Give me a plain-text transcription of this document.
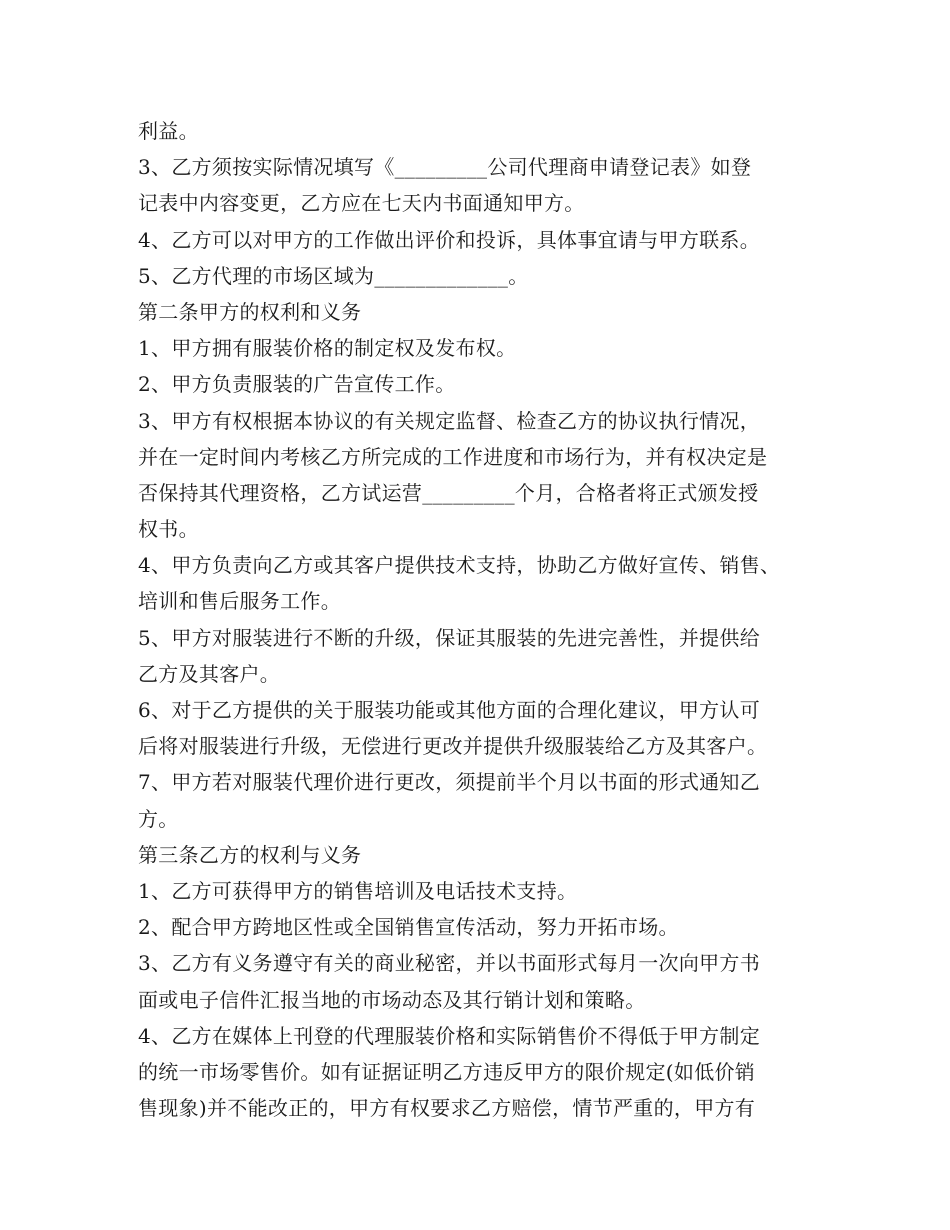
利益。
3、乙方须按实际情况填写《_________公司代理商申请登记表》如登
记表中内容变更，乙方应在七天内书面通知甲方。
4、乙方可以对甲方的工作做出评价和投诉，具体事宜请与甲方联系。
5、乙方代理的市场区域为_____________。
第二条甲方的权利和义务
1、甲方拥有服装价格的制定权及发布权。
2、甲方负责服装的广告宣传工作。
3、甲方有权根据本协议的有关规定监督、检查乙方的协议执行情况，
并在一定时间内考核乙方所完成的工作进度和市场行为，并有权决定是
否保持其代理资格，乙方试运营_________个月，合格者将正式颁发授
权书。
4、甲方负责向乙方或其客户提供技术支持，协助乙方做好宣传、销售、
培训和售后服务工作。
5、甲方对服装进行不断的升级，保证其服装的先进完善性，并提供给
乙方及其客户。
6、对于乙方提供的关于服装功能或其他方面的合理化建议，甲方认可
后将对服装进行升级，无偿进行更改并提供升级服装给乙方及其客户。
7、甲方若对服装代理价进行更改，须提前半个月以书面的形式通知乙
方。
第三条乙方的权利与义务
1、乙方可获得甲方的销售培训及电话技术支持。
2、配合甲方跨地区性或全国销售宣传活动，努力开拓市场。
3、乙方有义务遵守有关的商业秘密，并以书面形式每月一次向甲方书
面或电子信件汇报当地的市场动态及其行销计划和策略。
4、乙方在媒体上刊登的代理服装价格和实际销售价不得低于甲方制定
的统一市场零售价。如有证据证明乙方违反甲方的限价规定(如低价销
售现象)并不能改正的，甲方有权要求乙方赔偿，情节严重的，甲方有
